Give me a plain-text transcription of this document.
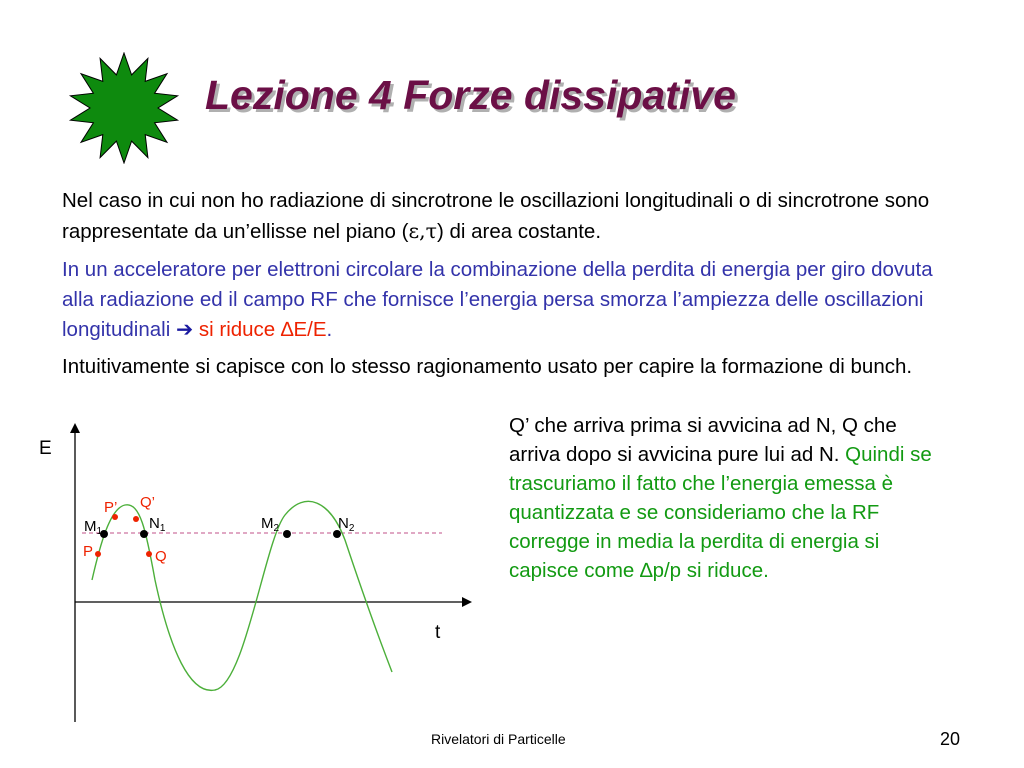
Lezione 4 Forze dissipative

Nel caso in cui non ho radiazione di sincrotrone le oscillazioni longitudinali o di sincrotrone sono rappresentate da un’ellisse nel piano (ε,τ) di area costante.

In un acceleratore per elettroni circolare la combinazione della perdita di energia per giro dovuta alla radiazione ed il campo RF che fornisce l’energia persa smorza l’ampiezza delle oscillazioni longitudinali ➔ si riduce ∆E/E.

Intuitivamente si capisce con lo stesso ragionamento usato per capire la formazione di bunch.

Q’ che arriva prima si avvicina ad N, Q che arriva dopo si avvicina pure lui ad N. Quindi se trascuriamo il fatto che l’energia emessa è quantizzata e se consideriamo che la RF corregge in media la perdita di energia si capisce come ∆p/p si riduce.

E
t
$M_1$	$N_1$	$M_2$	$N_2$
P’ Q’
P	Q
Rivelatori di Particelle	20
